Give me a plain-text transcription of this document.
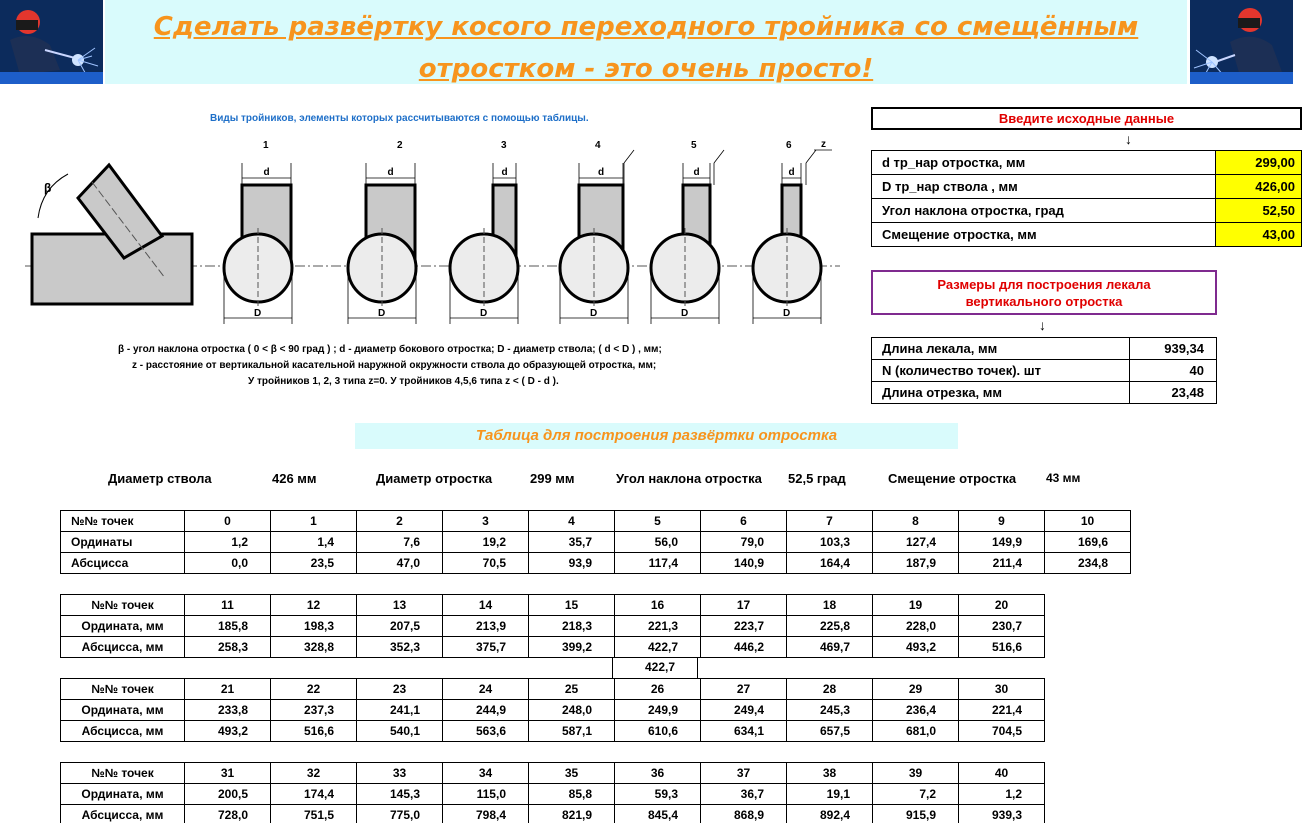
Сделать развёртку косого переходного тройника со смещённым
отростком - это очень просто!
Виды тройников, элементы которых рассчитываются с помощью таблицы.
β
d
D
1
d
D
2
d
D
3
d
D
4
d
D
5
d
D
6	z
β - угол наклона отростка ( 0 < β < 90 град ) ; d - диаметр бокового отростка; D - диаметр ствола; ( d < D ) , мм;
z - расстояние от вертикальной касательной наружной окружности ствола до образующей отростка, мм;
У тройников 1, 2, 3 типа z=0. У тройников 4,5,6 типа z < ( D - d ).
Введите исходные данные
↓
d тр_нар отростка, мм	299,00
D тр_нар ствола , мм	426,00
Угол наклона отростка, град	52,50
Смещение отростка, мм	43,00
Размеры для построения лекала
вертикального отростка
↓
Длина лекала, мм	939,34
N (количество точек). шт	40
Длина отрезка, мм	23,48
Таблица для построения развёртки отростка
Диаметр ствола	426 мм	Диаметр отростка	299 мм	Угол наклона отростка 52,5 град	Смещение отростка 43 мм
№№ точек	0	1	2	3	4	5	6	7	8	9	10
Ординаты	1,2	1,4	7,6	19,2	35,7	56,0	79,0	103,3	127,4	149,9	169,6
Абсцисса	0,0	23,5	47,0	70,5	93,9	117,4	140,9	164,4	187,9	211,4	234,8
№№ точек	11	12	13	14	15	16	17	18	19	20
Ордината, мм	185,8	198,3	207,5	213,9	218,3	221,3	223,7	225,8	228,0	230,7
Абсцисса, мм	258,3	328,8	352,3	375,7	399,2	422,7	446,2	469,7	493,2	516,6
422,7
№№ точек	21	22	23	24	25	26	27	28	29	30
Ордината, мм	233,8	237,3	241,1	244,9	248,0	249,9	249,4	245,3	236,4	221,4
Абсцисса, мм	493,2	516,6	540,1	563,6	587,1	610,6	634,1	657,5	681,0	704,5
№№ точек	31	32	33	34	35	36	37	38	39	40
Ордината, мм	200,5	174,4	145,3	115,0	85,8	59,3	36,7	19,1	7,2	1,2
Абсцисса, мм	728,0	751,5	775,0	798,4	821,9	845,4	868,9	892,4	915,9	939,3
